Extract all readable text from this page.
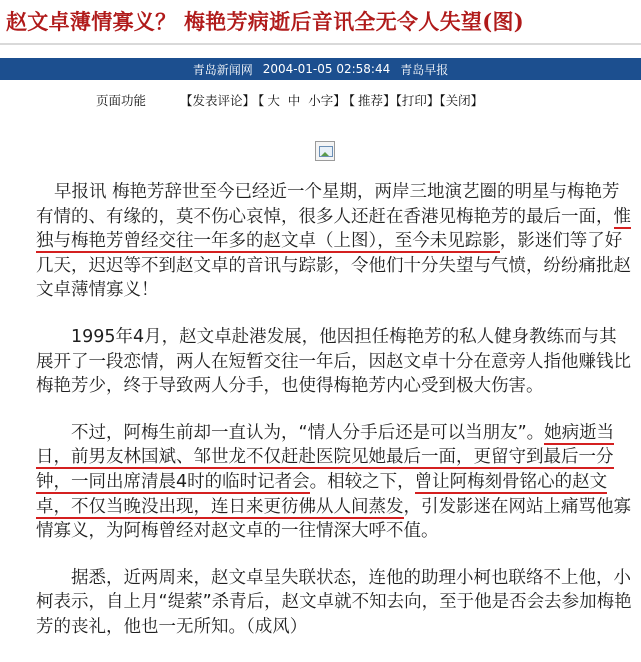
赵文卓薄情寡义？ 梅艳芳病逝后音讯全无令人失望(图)
青岛新闻网 2004-01-05 02:58:44 青岛早报
页面功能	【发表评论】 【 大 中 小字】 【 推荐】【打印】【关闭】

早报讯 梅艳芳辞世至今已经近一个星期，两岸三地演艺圈的明星与梅艳芳有情的、有缘的，莫不伤心哀悼，很多人还赶在香港见梅艳芳的最后一面，惟独与梅艳芳曾经交往一年多的赵文卓（上图），至今未见踪影，影迷们等了好几天，迟迟等不到赵文卓的音讯与踪影，令他们十分失望与气愤，纷纷痛批赵文卓薄情寡义！

1995年4月，赵文卓赴港发展，他因担任梅艳芳的私人健身教练而与其展开了一段恋情，两人在短暂交往一年后，因赵文卓十分在意旁人指他赚钱比梅艳芳少，终于导致两人分手，也使得梅艳芳内心受到极大伤害。

不过，阿梅生前却一直认为，“情人分手后还是可以当朋友”。她病逝当日，前男友林国斌、邹世龙不仅赶赴医院见她最后一面，更留守到最后一分钟，一同出席清晨4时的临时记者会。相较之下，曾让阿梅刻骨铭心的赵文卓，不仅当晚没出现，连日来更彷佛从人间蒸发，引发影迷在网站上痛骂他寡情寡义，为阿梅曾经对赵文卓的一往情深大呼不值。

据悉，近两周来，赵文卓呈失联状态，连他的助理小柯也联络不上他，小柯表示，自上月“缇萦”杀青后，赵文卓就不知去向，至于他是否会去参加梅艳芳的丧礼，他也一无所知。（成风）
